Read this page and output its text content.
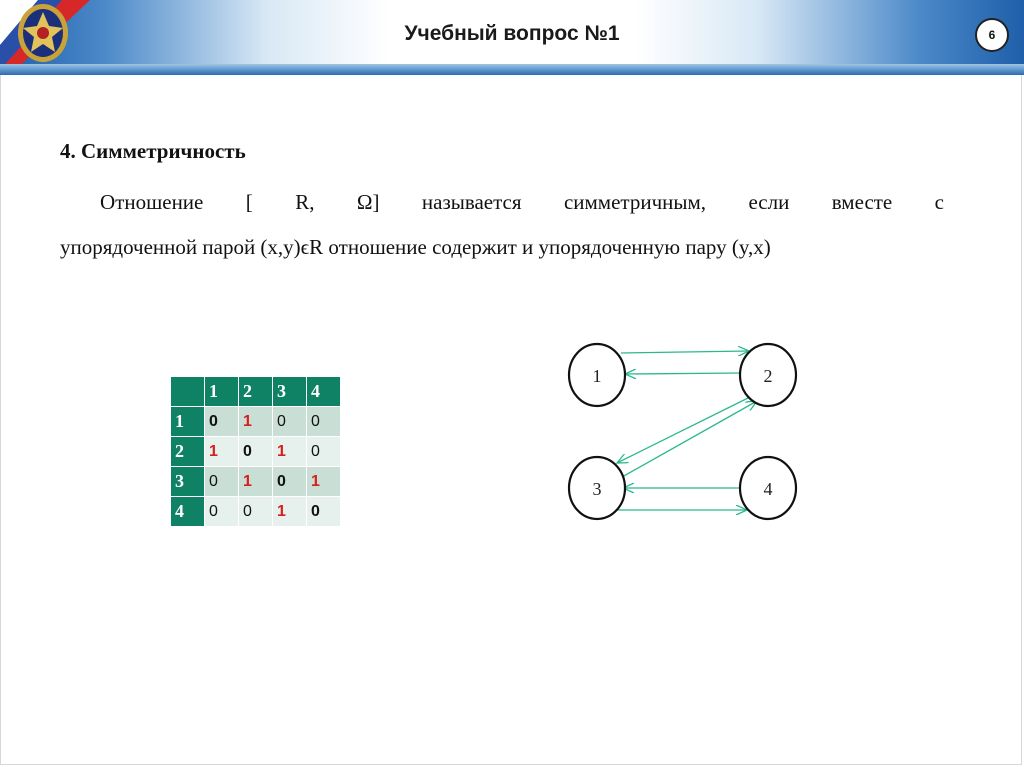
Учебный вопрос №1	6
4. Симметричность
Отношение [ R, Ω] называется симметричным, если вместе с
упорядоченной парой (x,y)ϵR отношение содержит и упорядоченную пару (y,x)
	1	2	3	4
1	0	1	0	0
2	1	0	1	0
3	0	1	0	1
4	0	0	1	0
1	2
3	4
